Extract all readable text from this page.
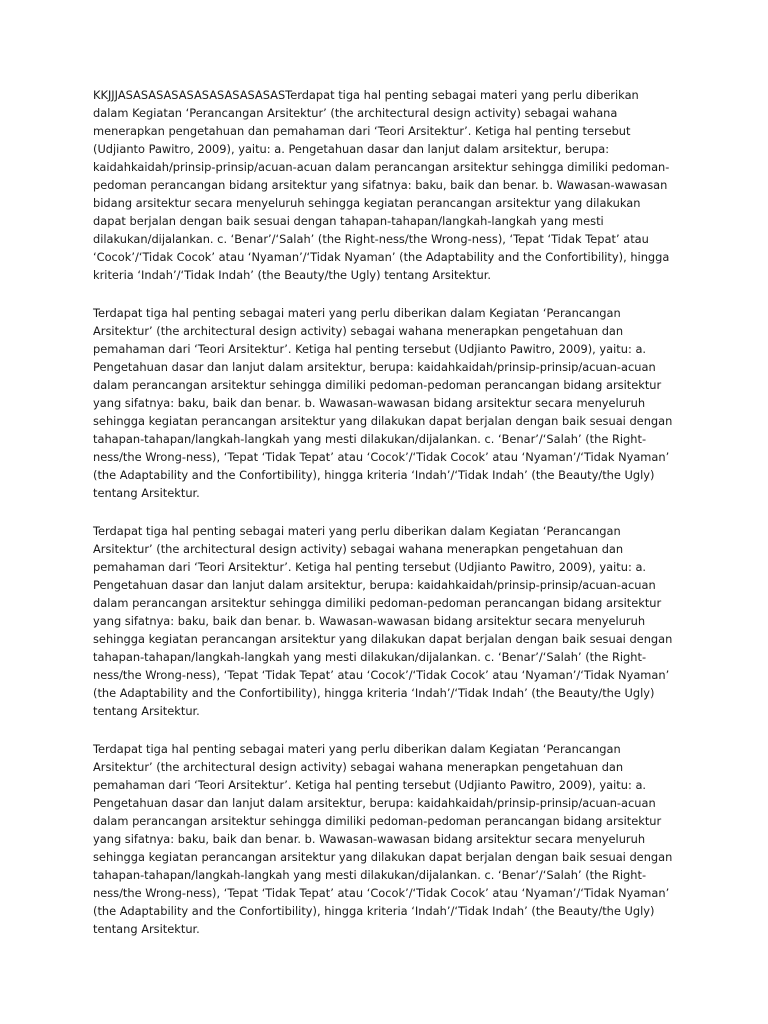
KKJJJASASASASASASASASASASASTerdapat tiga hal penting sebagai materi yang perlu diberikan dalam Kegiatan ‘Perancangan Arsitektur’ (the architectural design activity) sebagai wahana menerapkan pengetahuan dan pemahaman dari ‘Teori Arsitektur’. Ketiga hal penting tersebut (Udjianto Pawitro, 2009), yaitu: a. Pengetahuan dasar dan lanjut dalam arsitektur, berupa: kaidahkaidah/prinsip-prinsip/acuan-acuan dalam perancangan arsitektur sehingga dimiliki pedoman-pedoman perancangan bidang arsitektur yang sifatnya: baku, baik dan benar. b. Wawasan-wawasan bidang arsitektur secara menyeluruh sehingga kegiatan perancangan arsitektur yang dilakukan dapat berjalan dengan baik sesuai dengan tahapan-tahapan/langkah-langkah yang mesti dilakukan/dijalankan. c. ‘Benar’/‘Salah’ (the Right-ness/the Wrong-ness), ‘Tepat ‘Tidak Tepat’ atau ‘Cocok’/‘Tidak Cocok’ atau ‘Nyaman’/‘Tidak Nyaman’ (the Adaptability and the Confortibility), hingga kriteria ‘Indah’/‘Tidak Indah’ (the Beauty/the Ugly) tentang Arsitektur.

Terdapat tiga hal penting sebagai materi yang perlu diberikan dalam Kegiatan ‘Perancangan Arsitektur’ (the architectural design activity) sebagai wahana menerapkan pengetahuan dan pemahaman dari ‘Teori Arsitektur’. Ketiga hal penting tersebut (Udjianto Pawitro, 2009), yaitu: a. Pengetahuan dasar dan lanjut dalam arsitektur, berupa: kaidahkaidah/prinsip-prinsip/acuan-acuan dalam perancangan arsitektur sehingga dimiliki pedoman-pedoman perancangan bidang arsitektur yang sifatnya: baku, baik dan benar. b. Wawasan-wawasan bidang arsitektur secara menyeluruh sehingga kegiatan perancangan arsitektur yang dilakukan dapat berjalan dengan baik sesuai dengan tahapan-tahapan/langkah-langkah yang mesti dilakukan/dijalankan. c. ‘Benar’/‘Salah’ (the Right-ness/the Wrong-ness), ‘Tepat ‘Tidak Tepat’ atau ‘Cocok’/‘Tidak Cocok’ atau ‘Nyaman’/‘Tidak Nyaman’ (the Adaptability and the Confortibility), hingga kriteria ‘Indah’/‘Tidak Indah’ (the Beauty/the Ugly) tentang Arsitektur.

Terdapat tiga hal penting sebagai materi yang perlu diberikan dalam Kegiatan ‘Perancangan Arsitektur’ (the architectural design activity) sebagai wahana menerapkan pengetahuan dan pemahaman dari ‘Teori Arsitektur’. Ketiga hal penting tersebut (Udjianto Pawitro, 2009), yaitu: a. Pengetahuan dasar dan lanjut dalam arsitektur, berupa: kaidahkaidah/prinsip-prinsip/acuan-acuan dalam perancangan arsitektur sehingga dimiliki pedoman-pedoman perancangan bidang arsitektur yang sifatnya: baku, baik dan benar. b. Wawasan-wawasan bidang arsitektur secara menyeluruh sehingga kegiatan perancangan arsitektur yang dilakukan dapat berjalan dengan baik sesuai dengan tahapan-tahapan/langkah-langkah yang mesti dilakukan/dijalankan. c. ‘Benar’/‘Salah’ (the Right-ness/the Wrong-ness), ‘Tepat ‘Tidak Tepat’ atau ‘Cocok’/‘Tidak Cocok’ atau ‘Nyaman’/‘Tidak Nyaman’ (the Adaptability and the Confortibility), hingga kriteria ‘Indah’/‘Tidak Indah’ (the Beauty/the Ugly) tentang Arsitektur.

Terdapat tiga hal penting sebagai materi yang perlu diberikan dalam Kegiatan ‘Perancangan Arsitektur’ (the architectural design activity) sebagai wahana menerapkan pengetahuan dan pemahaman dari ‘Teori Arsitektur’. Ketiga hal penting tersebut (Udjianto Pawitro, 2009), yaitu: a. Pengetahuan dasar dan lanjut dalam arsitektur, berupa: kaidahkaidah/prinsip-prinsip/acuan-acuan dalam perancangan arsitektur sehingga dimiliki pedoman-pedoman perancangan bidang arsitektur yang sifatnya: baku, baik dan benar. b. Wawasan-wawasan bidang arsitektur secara menyeluruh sehingga kegiatan perancangan arsitektur yang dilakukan dapat berjalan dengan baik sesuai dengan tahapan-tahapan/langkah-langkah yang mesti dilakukan/dijalankan. c. ‘Benar’/‘Salah’ (the Right-ness/the Wrong-ness), ‘Tepat ‘Tidak Tepat’ atau ‘Cocok’/‘Tidak Cocok’ atau ‘Nyaman’/‘Tidak Nyaman’ (the Adaptability and the Confortibility), hingga kriteria ‘Indah’/‘Tidak Indah’ (the Beauty/the Ugly) tentang Arsitektur.
